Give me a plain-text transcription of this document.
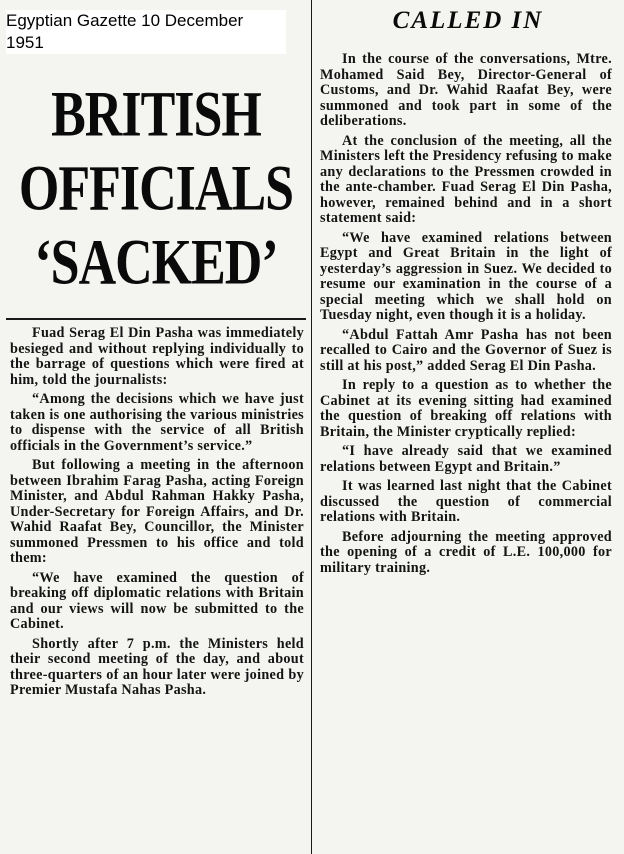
Egyptian Gazette 10 December
1951

BRITISH
OFFICIALS
‘SACKED’

Fuad Serag El Din Pasha was immediately besieged and without replying individually to the barrage of questions which were fired at him, told the journalists:

“Among the decisions which we have just taken is one authorising the various ministries to dispense with the service of all British officials in the Government’s service.”

But following a meeting in the afternoon between Ibrahim Farag Pasha, acting Foreign Minister, and Abdul Rahman Hakky Pasha, Under-Secretary for Foreign Affairs, and Dr. Wahid Raafat Bey, Councillor, the Minister summoned Pressmen to his office and told them:

“We have examined the question of breaking off diplomatic relations with Britain and our views will now be submitted to the Cabinet.

Shortly after 7 p.m. the Ministers held their second meeting of the day, and about three-quarters of an hour later were joined by Premier Mustafa Nahas Pasha.

CALLED IN

In the course of the conversations, Mtre. Mohamed Said Bey, Director-General of Customs, and Dr. Wahid Raafat Bey, were summoned and took part in some of the deliberations.

At the conclusion of the meeting, all the Ministers left the Presidency refusing to make any declarations to the Pressmen crowded in the ante-chamber. Fuad Serag El Din Pasha, however, remained behind and in a short statement said:

“We have examined relations between Egypt and Great Britain in the light of yesterday’s aggression in Suez. We decided to resume our examination in the course of a special meeting which we shall hold on Tuesday night, even though it is a holiday.

“Abdul Fattah Amr Pasha has not been recalled to Cairo and the Governor of Suez is still at his post,” added Serag El Din Pasha.

In reply to a question as to whether the Cabinet at its evening sitting had examined the question of breaking off relations with Britain, the Minister cryptically replied:

“I have already said that we examined relations between Egypt and Britain.”

It was learned last night that the Cabinet discussed the question of commercial relations with Britain.

Before adjourning the meeting approved the opening of a credit of L.E. 100,000 for military training.
